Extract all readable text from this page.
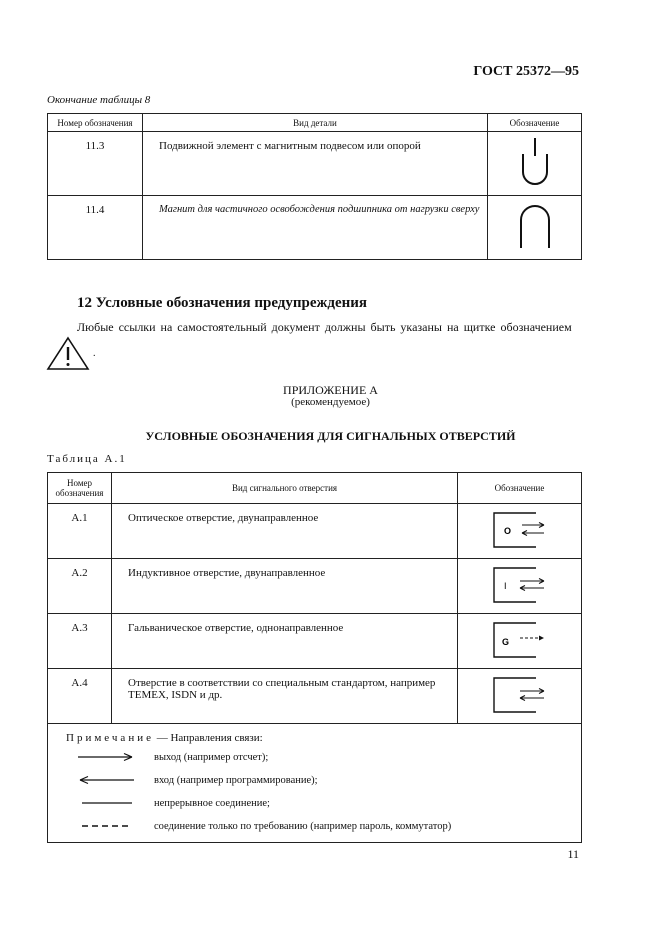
ГОСТ 25372—95
Окончание таблицы 8
Номер обозначения	Вид детали	Обозначение
11.3	Подвижной элемент с магнитным подвесом или опорой	
11.4	Магнит для частичного освобождения подшипника от нагрузки сверху	
12 Условные обозначения предупреждения
Любые ссылки на самостоятельный документ должны быть указаны на щитке обозначением
.
ПРИЛОЖЕНИЕ А
(рекомендуемое)
УСЛОВНЫЕ ОБОЗНАЧЕНИЯ ДЛЯ СИГНАЛЬНЫХ ОТВЕРСТИЙ
Таблица А.1
Номер обозначения	Вид сигнального отверстия	Обозначение
А.1	Оптическое отверстие, двунаправленное	O

А.2	Индуктивное отверстие, двунаправленное	I

А.3	Гальваническое отверстие, однонаправленное	G

А.4	Отверстие в соответствии со специальным стандартом, например TEMEX, ISDN и др.	

Примечание — Направления связи:
выход (например отсчет);
вход (например программирование);
непрерывное соединение;
соединение только по требованию (например пароль, коммутатор)		
11
